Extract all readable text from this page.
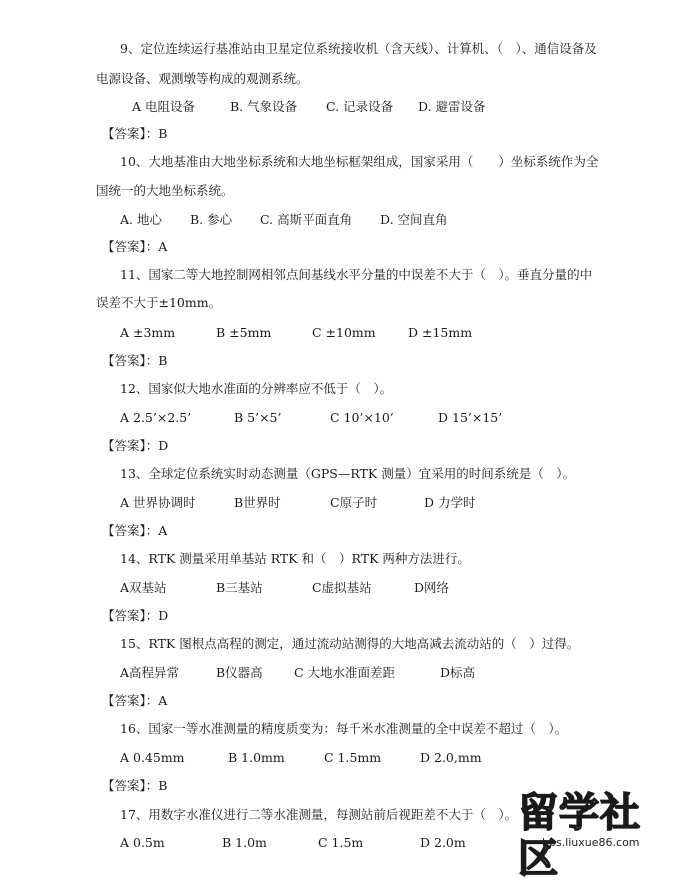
9、定位连续运行基准站由卫星定位系统接收机（含天线）、计算机、（　）、通信设备及
电源设备、观测墩等构成的观测系统。
A 电阻设备	B. 气象设备 C. 记录设备 D. 避雷设备
【答案】：B
10、大地基准由大地坐标系统和大地坐标框架组成，国家采用（　　）坐标系统作为全
国统一的大地坐标系统。
A. 地心 B. 参心 C. 高斯平面直角 D. 空间直角
【答案】：A
11、国家二等大地控制网相邻点间基线水平分量的中误差不大于（　）。垂直分量的中
误差不大于±10mm。
A ±3mm	B ±5mm	C ±10mm	D ±15mm
【答案】：B
12、国家似大地水准面的分辨率应不低于（　）。
A 2.5’×2.5’	B 5’×5’	C 10’×10’	D 15’×15’
【答案】：D
13、全球定位系统实时动态测量（GPS—RTK 测量）宜采用的时间系统是（　）。
A 世界协调时	B世界时	C原子时	D 力学时
【答案】：A
14、RTK 测量采用单基站 RTK 和（　）RTK 两种方法进行。
A双基站	B三基站	C虚拟基站	D网络
【答案】：D
15、RTK 图根点高程的测定，通过流动站测得的大地高减去流动站的（　）过得。
A高程异常	B仪器高	C 大地水准面差距	D标高
【答案】：A
16、国家一等水准测量的精度质变为：每千米水准测量的全中误差不超过（　）。
A 0.45mm	B 1.0mm	C 1.5mm	D 2.0,mm
【答案】：B
17、用数字水准仪进行二等水准测量，每测站前后视距差不大于（　）。
A 0.5m	B 1.0m	C 1.5m	D 2.0m
留学社区
bbs.liuxue86.com
